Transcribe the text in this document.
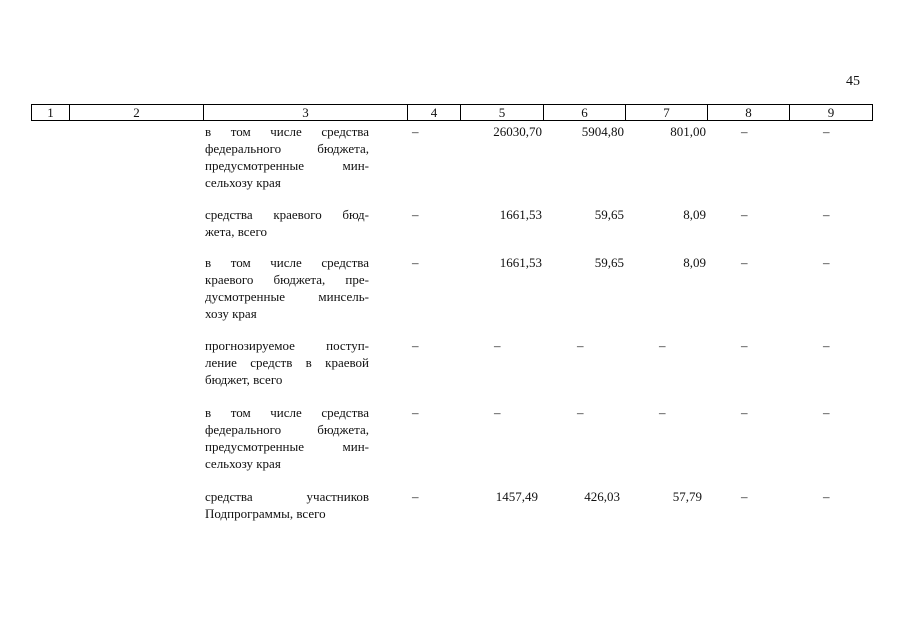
45
1	2	3	4	5	6	7	8	9
в том числе средства
федерального бюджета,
предусмотренные мин-
сельхозу края
–	26030,70	5904,80	801,00	–	–
средства краевого бюд-
жета, всего
–	1661,53	59,65	8,09	–	–
в том числе средства
краевого бюджета, пре-
дусмотренные минсель-
хозу края
–	1661,53	59,65	8,09	–	–
прогнозируемое поступ-
ление средств в краевой
бюджет, всего
–	–	–	–	–	–
в том числе средства
федерального бюджета,
предусмотренные мин-
сельхозу края
–	–	–	–	–	–
средства участников
Подпрограммы, всего
–	1457,49	426,03	57,79	–	–
